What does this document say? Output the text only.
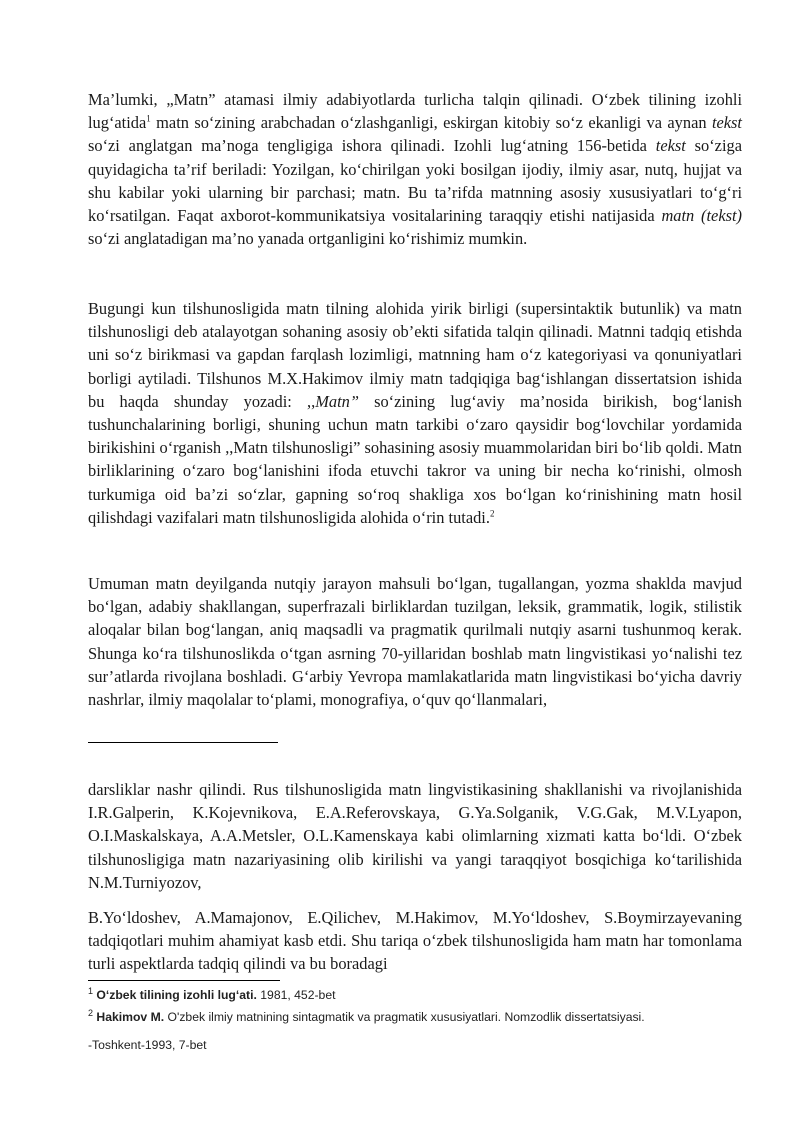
Ma’lumki, „Matn” atamasi ilmiy adabiyotlarda turlicha talqin qilinadi. O‘zbek tilining izohli lug‘atida$^1$ matn so‘zining arabchadan o‘zlashganligi, eskirgan kitobiy so‘z ekanligi va aynan tekst so‘zi anglatgan ma’noga tengligiga ishora qilinadi. Izohli lug‘atning 156-betida tekst so‘ziga quyidagicha ta’rif beriladi: Yozilgan, ko‘chirilgan yoki bosilgan ijodiy, ilmiy asar, nutq, hujjat va shu kabilar yoki ularning bir parchasi; matn. Bu ta’rifda matnning asosiy xususiyatlari to‘g‘ri ko‘rsatilgan. Faqat axborot-kommunikatsiya vositalarining taraqqiy etishi natijasida matn (tekst) so‘zi anglatadigan ma’no yanada ortganligini ko‘rishimiz mumkin.

Bugungi kun tilshunosligida matn tilning alohida yirik birligi (supersintaktik butunlik) va matn tilshunosligi deb atalayotgan sohaning asosiy ob’ekti sifatida talqin qilinadi. Matnni tadqiq etishda uni so‘z birikmasi va gapdan farqlash lozimligi, matnning ham o‘z kategoriyasi va qonuniyatlari borligi aytiladi. Tilshunos M.X.Hakimov ilmiy matn tadqiqiga bag‘ishlangan dissertatsion ishida bu haqda shunday yozadi: ,,Matn” so‘zining lug‘aviy ma’nosida birikish, bog‘lanish tushunchalarining borligi, shuning uchun matn tarkibi o‘zaro qaysidir bog‘lovchilar yordamida birikishini o‘rganish ,,Matn tilshunosligi” sohasining asosiy muammolaridan biri bo‘lib qoldi. Matn birliklarining o‘zaro bog‘lanishini ifoda etuvchi takror va uning bir necha ko‘rinishi, olmosh turkumiga oid ba’zi so‘zlar, gapning so‘roq shakliga xos bo‘lgan ko‘rinishining matn hosil qilishdagi vazifalari matn tilshunosligida alohida o‘rin tutadi.$^2$

Umuman matn deyilganda nutqiy jarayon mahsuli bo‘lgan, tugallangan, yozma shaklda mavjud bo‘lgan, adabiy shakllangan, superfrazali birliklardan tuzilgan, leksik, grammatik, logik, stilistik aloqalar bilan bog‘langan, aniq maqsadli va pragmatik qurilmali nutqiy asarni tushunmoq kerak. Shunga ko‘ra tilshunoslikda o‘tgan asrning 70-yillaridan boshlab matn lingvistikasi yo‘nalishi tez sur’atlarda rivojlana boshladi. G‘arbiy Yevropa mamlakatlarida matn lingvistikasi bo‘yicha davriy nashrlar, ilmiy maqolalar to‘plami, monografiya, o‘quv qo‘llanmalari,

darsliklar nashr qilindi. Rus tilshunosligida matn lingvistikasining shakllanishi va rivojlanishida I.R.Galperin, K.Kojevnikova, E.A.Referovskaya, G.Ya.Solganik, V.G.Gak, M.V.Lyapon, O.I.Maskalskaya, A.A.Metsler, O.L.Kamenskaya kabi olimlarning xizmati katta bo‘ldi. O‘zbek tilshunosligiga matn nazariyasining olib kirilishi va yangi taraqqiyot bosqichiga ko‘tarilishida N.M.Turniyozov,

B.Yo‘ldoshev, A.Mamajonov, E.Qilichev, M.Hakimov, M.Yo‘ldoshev, S.Boymirzayevaning tadqiqotlari muhim ahamiyat kasb etdi. Shu tariqa o‘zbek tilshunosligida ham matn har tomonlama turli aspektlarda tadqiq qilindi va bu boradagi

$^1$ O‘zbek tilining izohli lug‘ati. 1981, 452-bet
$^2$ Hakimov M. O'zbek ilmiy matnining sintagmatik va pragmatik xususiyatlari. Nomzodlik dissertatsiyasi.
-Toshkent-1993, 7-bet
